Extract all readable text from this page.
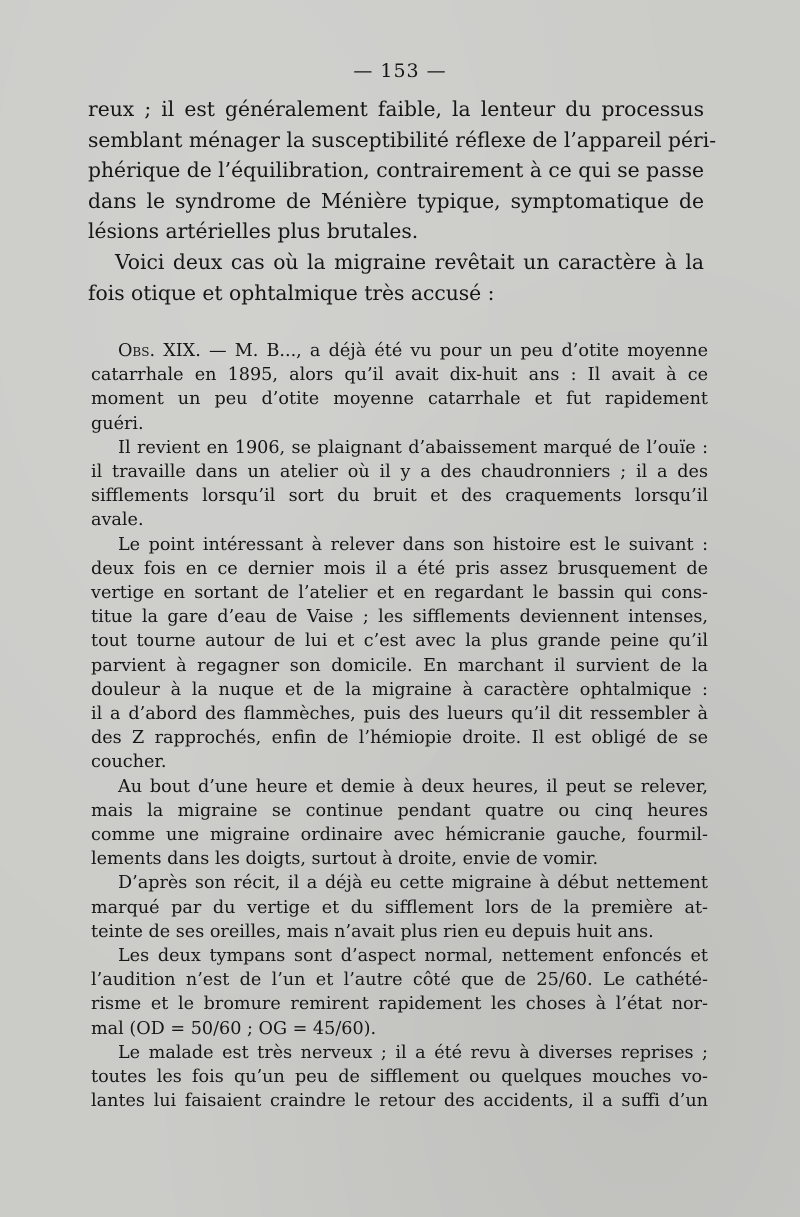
— 153 —
reux ; il est généralement faible, la lenteur du processus
semblant ménager la susceptibilité réflexe de l’appareil péri-
phérique de l’équilibration, contrairement à ce qui se passe
dans le syndrome de Ménière typique, symptomatique de
lésions artérielles plus brutales.
Voici deux cas où la migraine revêtait un caractère à la
fois otique et ophtalmique très accusé :
Obs. XIX. — M. B..., a déjà été vu pour un peu d’otite moyenne
catarrhale en 1895, alors qu’il avait dix-huit ans : Il avait à ce
moment un peu d’otite moyenne catarrhale et fut rapidement
guéri.
Il revient en 1906, se plaignant d’abaissement marqué de l’ouïe :
il travaille dans un atelier où il y a des chaudronniers ; il a des
sifflements lorsqu’il sort du bruit et des craquements lorsqu’il
avale.
Le point intéressant à relever dans son histoire est le suivant :
deux fois en ce dernier mois il a été pris assez brusquement de
vertige en sortant de l’atelier et en regardant le bassin qui cons-
titue la gare d’eau de Vaise ; les sifflements deviennent intenses,
tout tourne autour de lui et c’est avec la plus grande peine qu’il
parvient à regagner son domicile. En marchant il survient de la
douleur à la nuque et de la migraine à caractère ophtalmique :
il a d’abord des flammèches, puis des lueurs qu’il dit ressembler à
des Z rapprochés, enfin de l’hémiopie droite. Il est obligé de se
coucher.
Au bout d’une heure et demie à deux heures, il peut se relever,
mais la migraine se continue pendant quatre ou cinq heures
comme une migraine ordinaire avec hémicranie gauche, fourmil-
lements dans les doigts, surtout à droite, envie de vomir.
D’après son récit, il a déjà eu cette migraine à début nettement
marqué par du vertige et du sifflement lors de la première at-
teinte de ses oreilles, mais n’avait plus rien eu depuis huit ans.
Les deux tympans sont d’aspect normal, nettement enfoncés et
l’audition n’est de l’un et l’autre côté que de 25/60. Le cathété-
risme et le bromure remirent rapidement les choses à l’état nor-
mal (OD = 50/60 ; OG = 45/60).
Le malade est très nerveux ; il a été revu à diverses reprises ;
toutes les fois qu’un peu de sifflement ou quelques mouches vo-
lantes lui faisaient craindre le retour des accidents, il a suffi d’un
